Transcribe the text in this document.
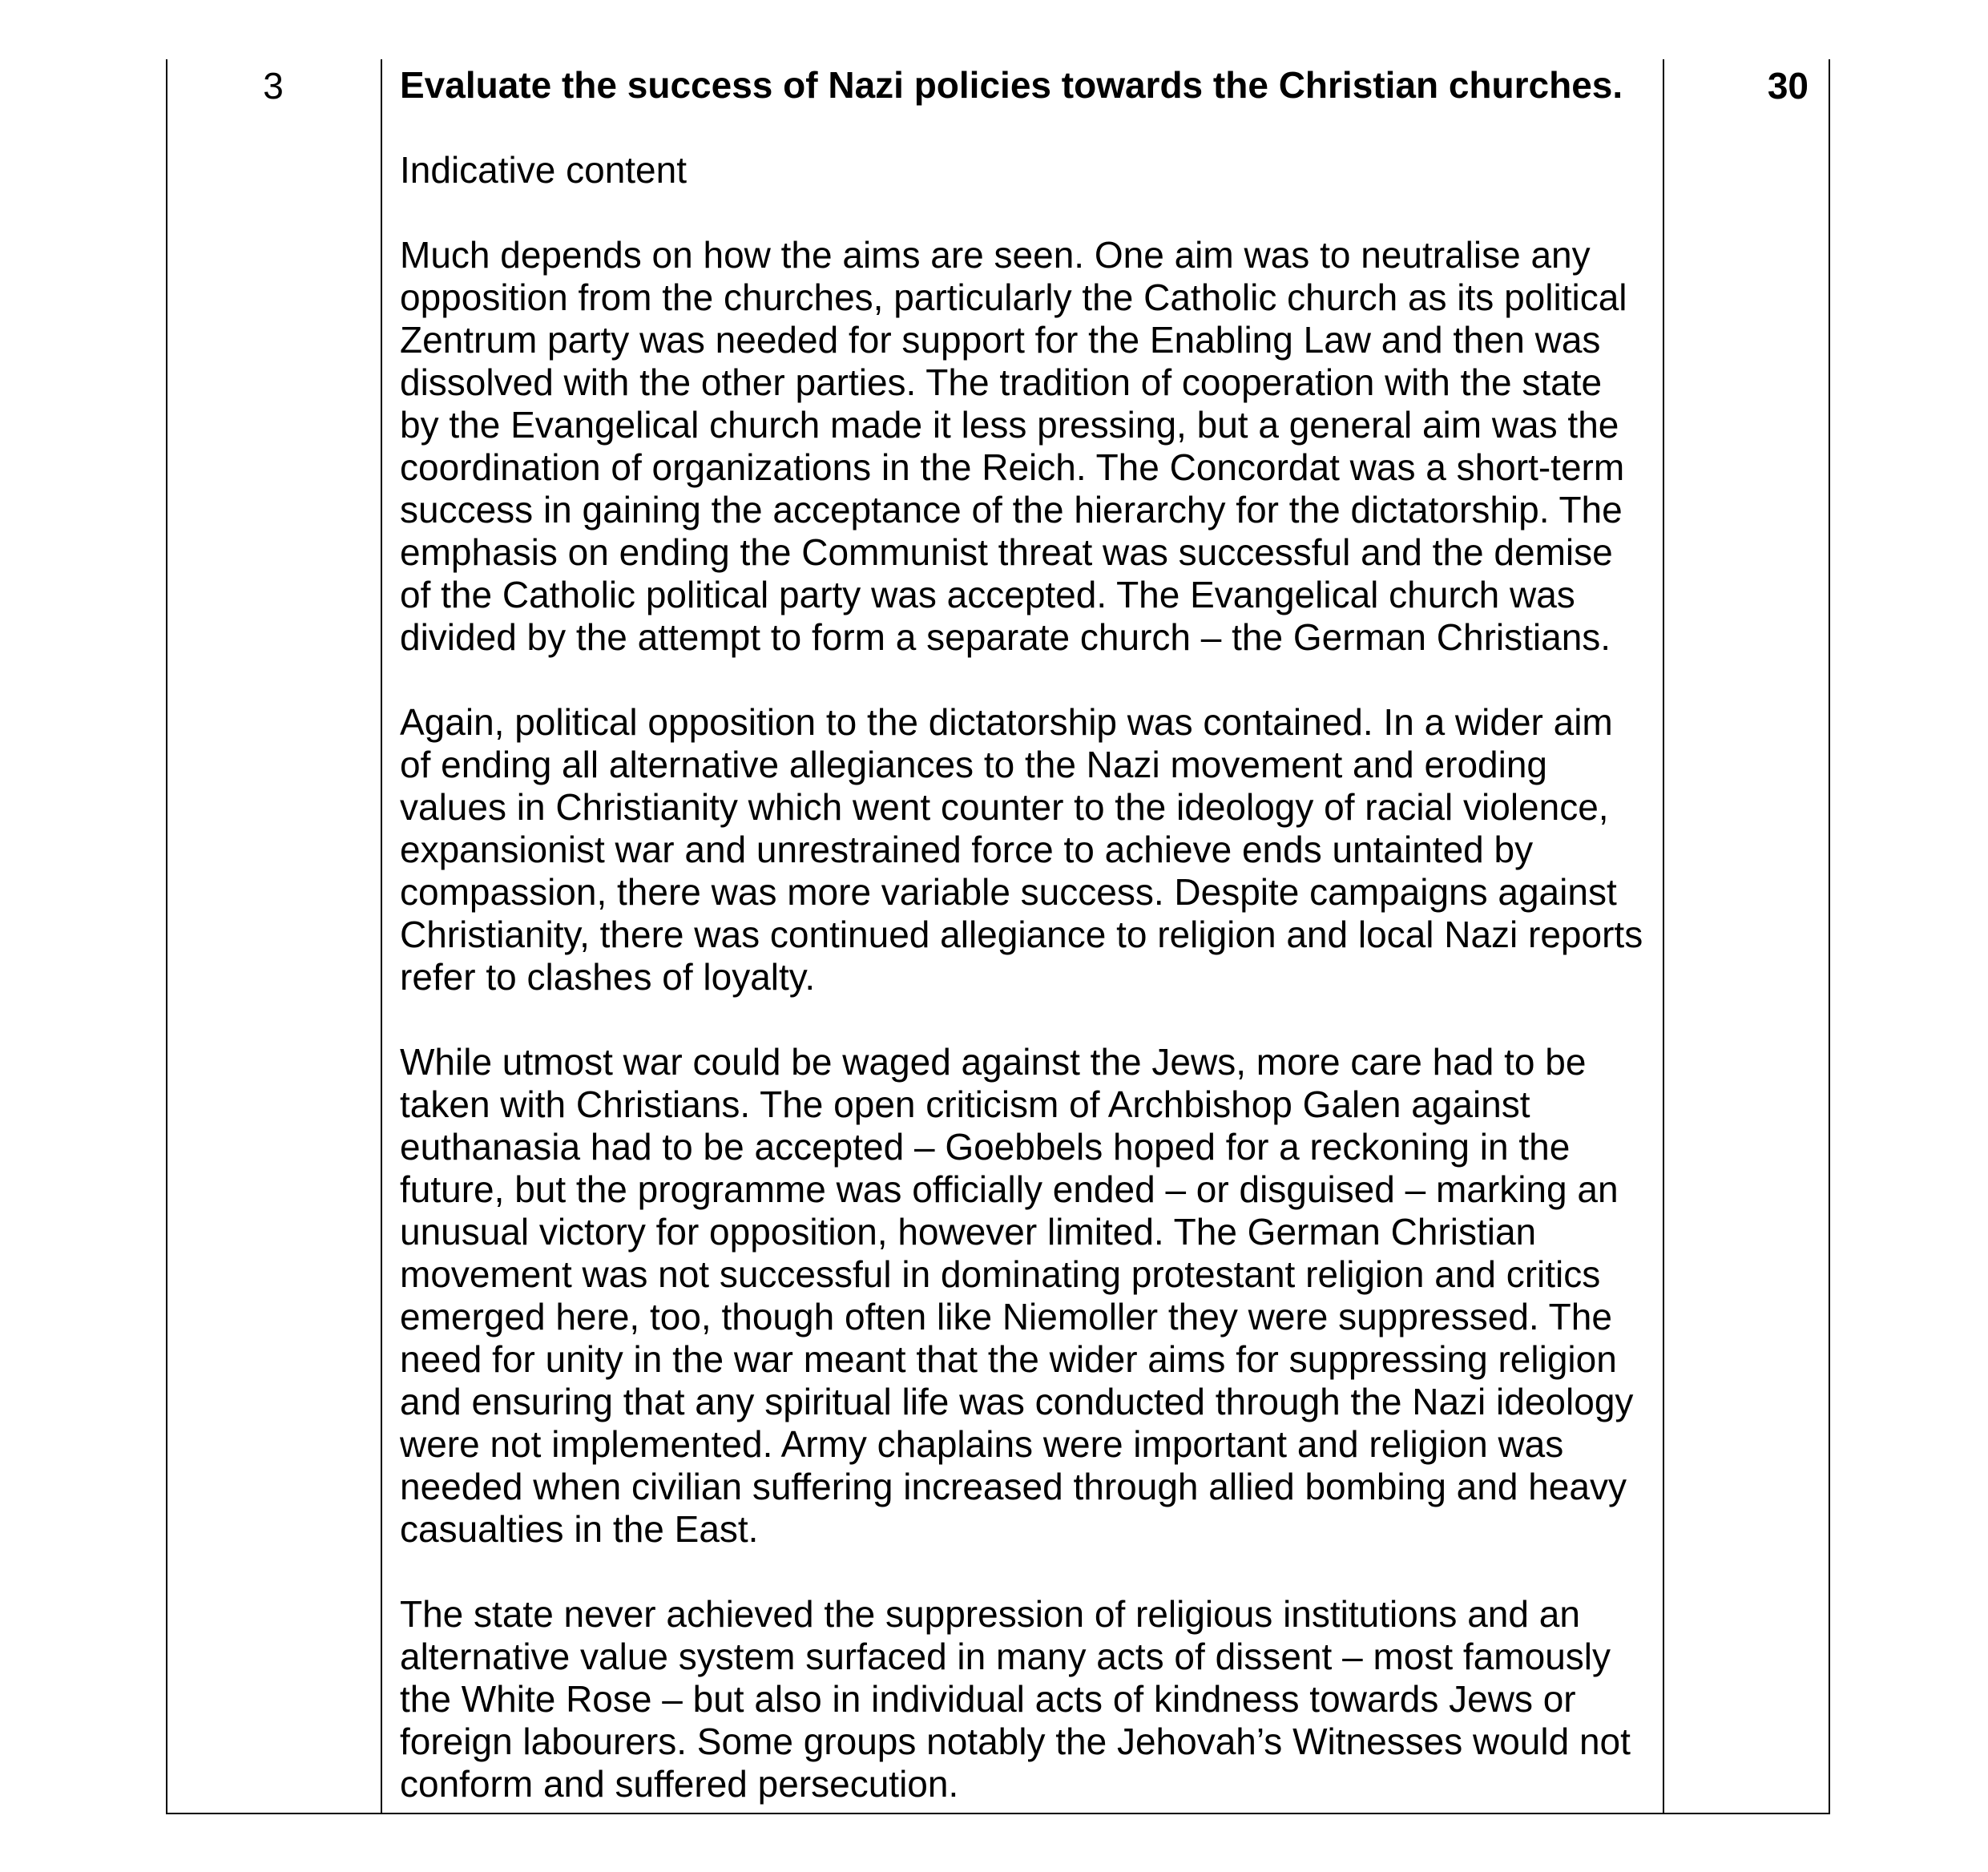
3	Evaluate the success of Nazi policies towards the Christian churches.
Indicative content
Much depends on how the aims are seen. One aim was to neutralise any
opposition from the churches, particularly the Catholic church as its political
Zentrum party was needed for support for the Enabling Law and then was
dissolved with the other parties. The tradition of cooperation with the state
by the Evangelical church made it less pressing, but a general aim was the
coordination of organizations in the Reich. The Concordat was a short-term
success in gaining the acceptance of the hierarchy for the dictatorship. The
emphasis on ending the Communist threat was successful and the demise
of the Catholic political party was accepted. The Evangelical church was
divided by the attempt to form a separate church – the German Christians.
Again, political opposition to the dictatorship was contained. In a wider aim
of ending all alternative allegiances to the Nazi movement and eroding
values in Christianity which went counter to the ideology of racial violence,
expansionist war and unrestrained force to achieve ends untainted by
compassion, there was more variable success. Despite campaigns against
Christianity, there was continued allegiance to religion and local Nazi reports
refer to clashes of loyalty.
While utmost war could be waged against the Jews, more care had to be
taken with Christians. The open criticism of Archbishop Galen against
euthanasia had to be accepted – Goebbels hoped for a reckoning in the
future, but the programme was officially ended – or disguised – marking an
unusual victory for opposition, however limited. The German Christian
movement was not successful in dominating protestant religion and critics
emerged here, too, though often like Niemoller they were suppressed. The
need for unity in the war meant that the wider aims for suppressing religion
and ensuring that any spiritual life was conducted through the Nazi ideology
were not implemented. Army chaplains were important and religion was
needed when civilian suffering increased through allied bombing and heavy
casualties in the East.
The state never achieved the suppression of religious institutions and an
alternative value system surfaced in many acts of dissent – most famously
the White Rose – but also in individual acts of kindness towards Jews or
foreign labourers. Some groups notably the Jehovah’s Witnesses would not
conform and suffered persecution.
30
